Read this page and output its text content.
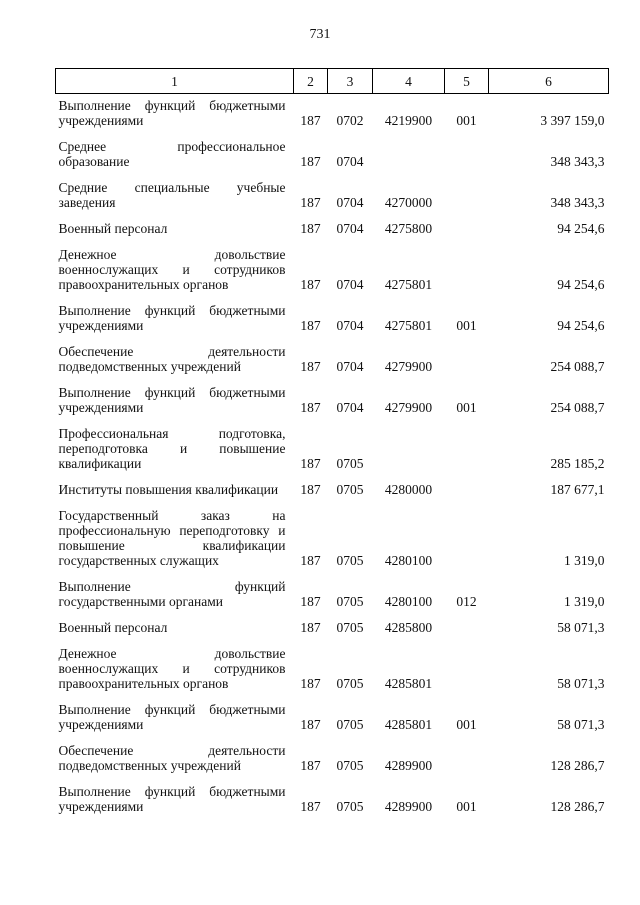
731
1	2	3	4	5	6
Выполнение функций бюджетными учреждениями	187	0702	4219900	001	3 397 159,0
Среднее профессиональное образование	187	0704			348 343,3
Средние специальные учебные заведения	187	0704	4270000		348 343,3
Военный персонал	187	0704	4275800		94 254,6
Денежное довольствие военнослужащих и сотрудников правоохранительных органов	187	0704	4275801		94 254,6
Выполнение функций бюджетными учреждениями	187	0704	4275801	001	94 254,6
Обеспечение деятельности подведомственных учреждений	187	0704	4279900		254 088,7
Выполнение функций бюджетными учреждениями	187	0704	4279900	001	254 088,7
Профессиональная подготовка, переподготовка и повышение квалификации	187	0705			285 185,2
Институты повышения квалификации	187	0705	4280000		187 677,1
Государственный заказ на профессиональную переподготовку и повышение квалификации государственных служащих	187	0705	4280100		1 319,0
Выполнение функций государственными органами	187	0705	4280100	012	1 319,0
Военный персонал	187	0705	4285800		58 071,3
Денежное довольствие военнослужащих и сотрудников правоохранительных органов	187	0705	4285801		58 071,3
Выполнение функций бюджетными учреждениями	187	0705	4285801	001	58 071,3
Обеспечение деятельности подведомственных учреждений	187	0705	4289900		128 286,7
Выполнение функций бюджетными учреждениями	187	0705	4289900	001	128 286,7
